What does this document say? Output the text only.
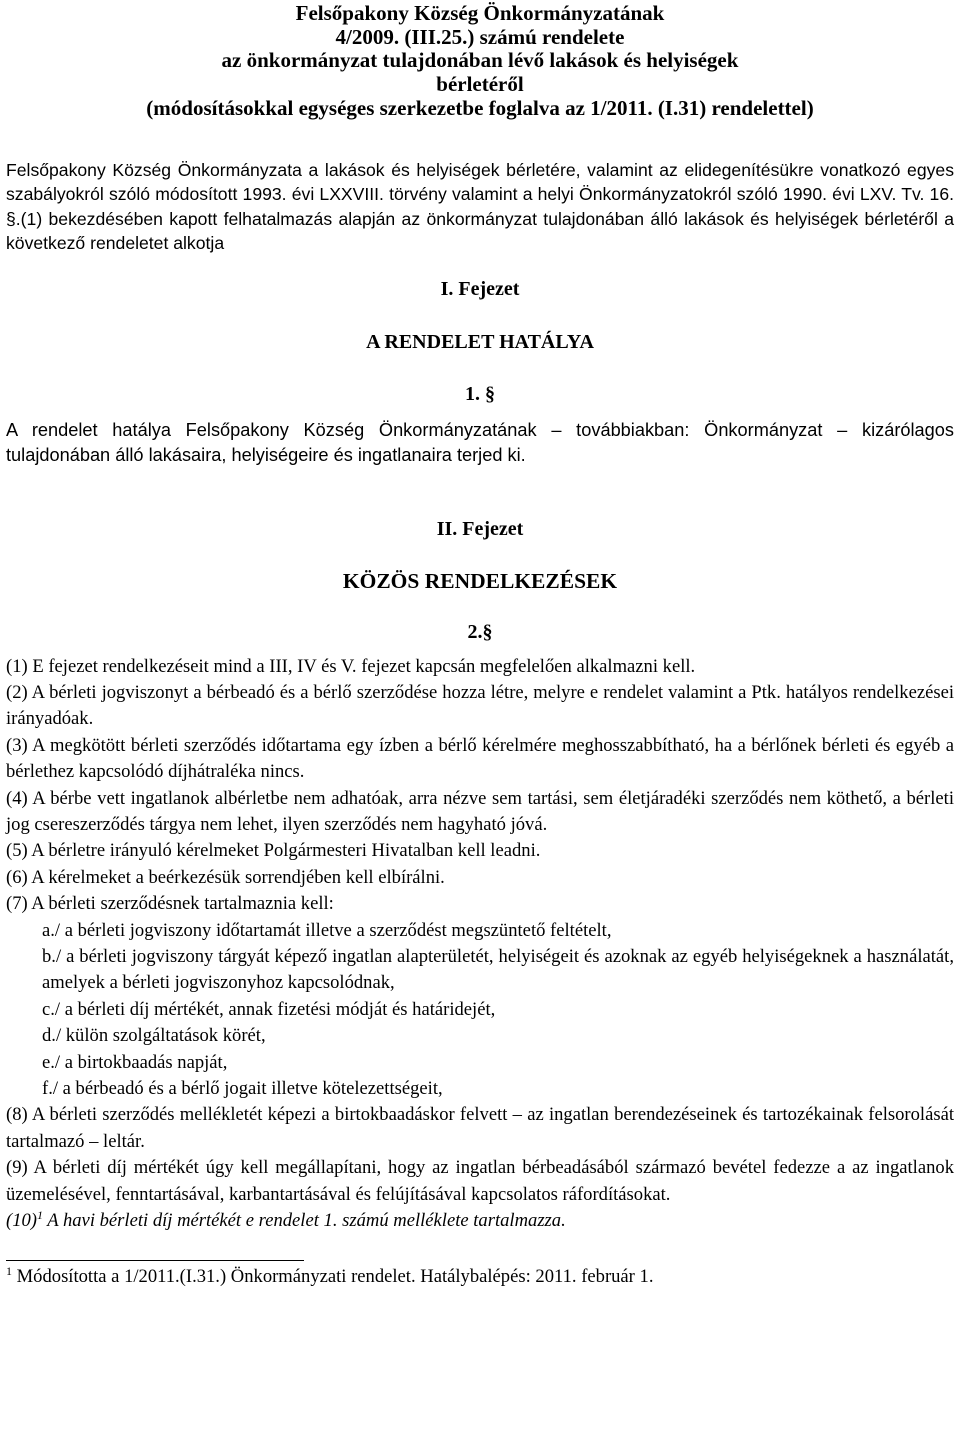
Felsőpakony Község Önkormányzatának
4/2009. (III.25.) számú rendelete
az önkormányzat tulajdonában lévő lakások és helyiségek
bérletéről
(módosításokkal egységes szerkezetbe foglalva az 1/2011. (I.31) rendelettel)
Felsőpakony Község Önkormányzata a lakások és helyiségek bérletére, valamint az elidegenítésükre vonatkozó egyes szabályokról szóló módosított 1993. évi LXXVIII. törvény valamint a helyi Önkormányzatokról szóló 1990. évi LXV. Tv. 16. §.(1) bekezdésében kapott felhatalmazás alapján az önkormányzat tulajdonában álló lakások és helyiségek bérletéről a következő rendeletet alkotja
I. Fejezet
A RENDELET HATÁLYA
1. §
A rendelet hatálya Felsőpakony Község Önkormányzatának – továbbiakban: Önkormányzat – kizárólagos tulajdonában álló lakásaira, helyiségeire és ingatlanaira terjed ki.
II. Fejezet
KÖZÖS RENDELKEZÉSEK
2.§

(1) E fejezet rendelkezéseit mind a III, IV és V. fejezet kapcsán megfelelően alkalmazni kell.

(2) A bérleti jogviszonyt a bérbeadó és a bérlő szerződése hozza létre, melyre e rendelet valamint a Ptk. hatályos rendelkezései irányadóak.

(3) A megkötött bérleti szerződés időtartama egy ízben a bérlő kérelmére meghosszabbítható, ha a bérlőnek bérleti és egyéb a bérlethez kapcsolódó díjhátraléka nincs.

(4) A bérbe vett ingatlanok albérletbe nem adhatóak, arra nézve sem tartási, sem életjáradéki szerződés nem köthető, a bérleti jog csereszerződés tárgya nem lehet, ilyen szerződés nem hagyható jóvá.

(5) A bérletre irányuló kérelmeket Polgármesteri Hivatalban kell leadni.

(6) A kérelmeket a beérkezésük sorrendjében kell elbírálni.

(7) A bérleti szerződésnek tartalmaznia kell:

a./ a bérleti jogviszony időtartamát illetve a szerződést megszüntető feltételt,

b./ a bérleti jogviszony tárgyát képező ingatlan alapterületét, helyiségeit és azoknak az egyéb helyiségeknek a használatát, amelyek a bérleti jogviszonyhoz kapcsolódnak,

c./ a bérleti díj mértékét, annak fizetési módját és határidejét,

d./ külön szolgáltatások körét,

e./ a birtokbaadás napját,

f./ a bérbeadó és a bérlő jogait illetve kötelezettségeit,

(8) A bérleti szerződés mellékletét képezi a birtokbaadáskor felvett – az ingatlan berendezéseinek és tartozékainak felsorolását tartalmazó – leltár.

(9) A bérleti díj mértékét úgy kell megállapítani, hogy az ingatlan bérbeadásából származó bevétel fedezze a az ingatlanok üzemelésével, fenntartásával, karbantartásával és felújításával kapcsolatos ráfordításokat.

$(10)^1$ A havi bérleti díj mértékét e rendelet 1. számú melléklete tartalmazza.

$^1$ Módosította a 1/2011.(I.31.) Önkormányzati rendelet. Hatálybalépés: 2011. február 1.
